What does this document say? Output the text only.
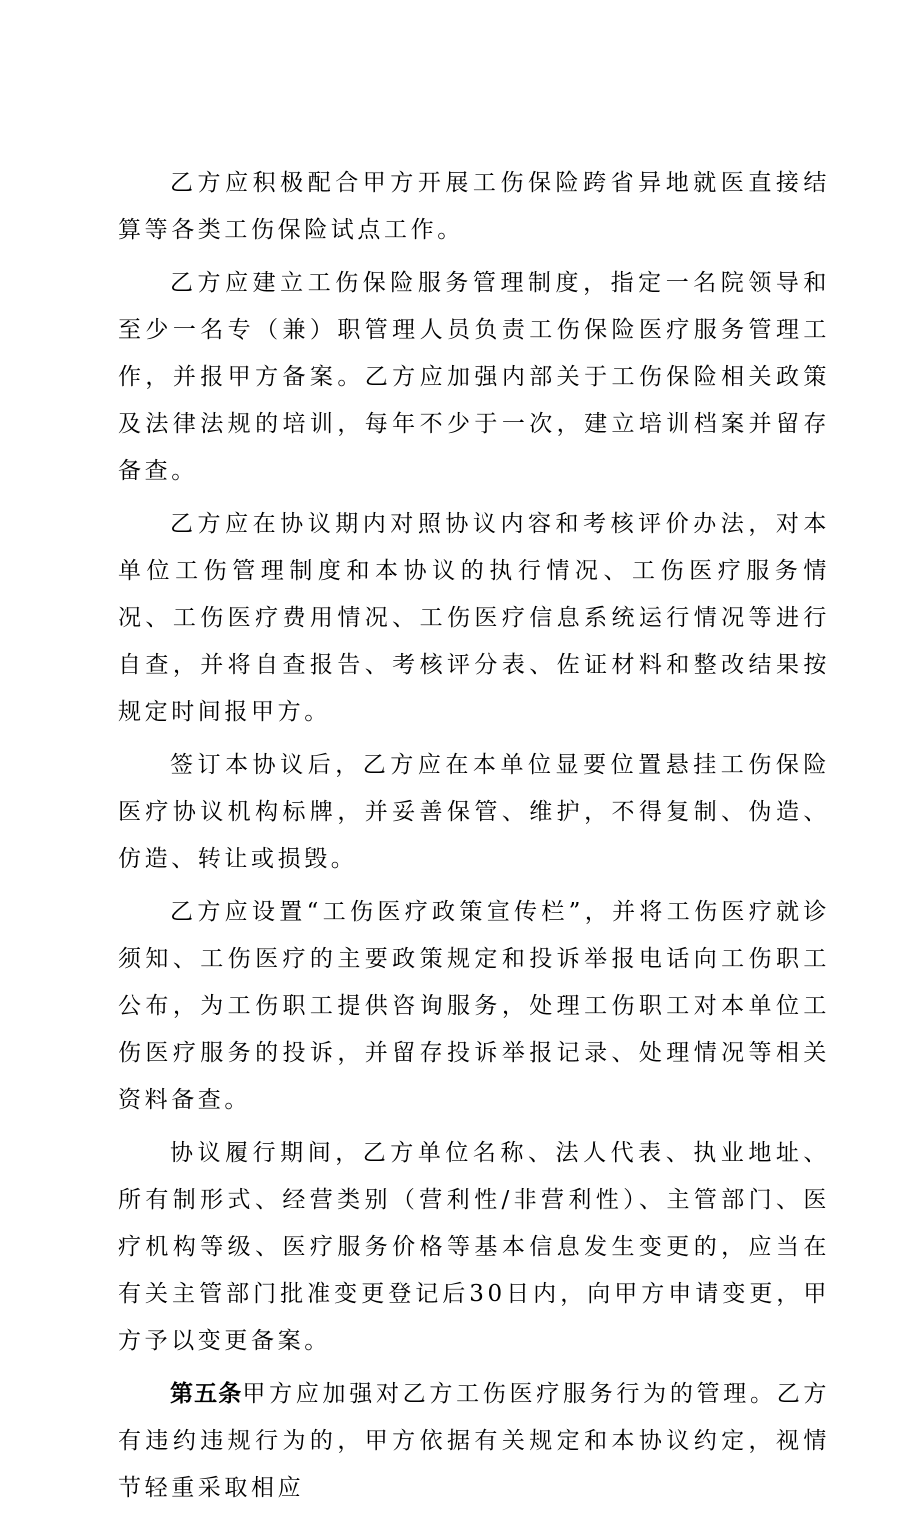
乙方应积极配合甲方开展工伤保险跨省异地就医直接结算等各类工伤保险试点工作。

乙方应建立工伤保险服务管理制度，指定一名院领导和至少一名专（兼）职管理人员负责工伤保险医疗服务管理工作，并报甲方备案。乙方应加强内部关于工伤保险相关政策及法律法规的培训，每年不少于一次，建立培训档案并留存备查。

乙方应在协议期内对照协议内容和考核评价办法，对本单位工伤管理制度和本协议的执行情况、工伤医疗服务情况、工伤医疗费用情况、工伤医疗信息系统运行情况等进行自查，并将自查报告、考核评分表、佐证材料和整改结果按规定时间报甲方。

签订本协议后，乙方应在本单位显要位置悬挂工伤保险医疗协议机构标牌，并妥善保管、维护，不得复制、伪造、仿造、转让或损毁。

乙方应设置“工伤医疗政策宣传栏”，并将工伤医疗就诊须知、工伤医疗的主要政策规定和投诉举报电话向工伤职工公布，为工伤职工提供咨询服务，处理工伤职工对本单位工伤医疗服务的投诉，并留存投诉举报记录、处理情况等相关资料备查。

协议履行期间，乙方单位名称、法人代表、执业地址、所有制形式、经营类别（营利性/非营利性）、主管部门、医疗机构等级、医疗服务价格等基本信息发生变更的，应当在有关主管部门批准变更登记后30日内，向甲方申请变更，甲方予以变更备案。

第五条甲方应加强对乙方工伤医疗服务行为的管理。乙方有违约违规行为的，甲方依据有关规定和本协议约定，视情节轻重采取相应
